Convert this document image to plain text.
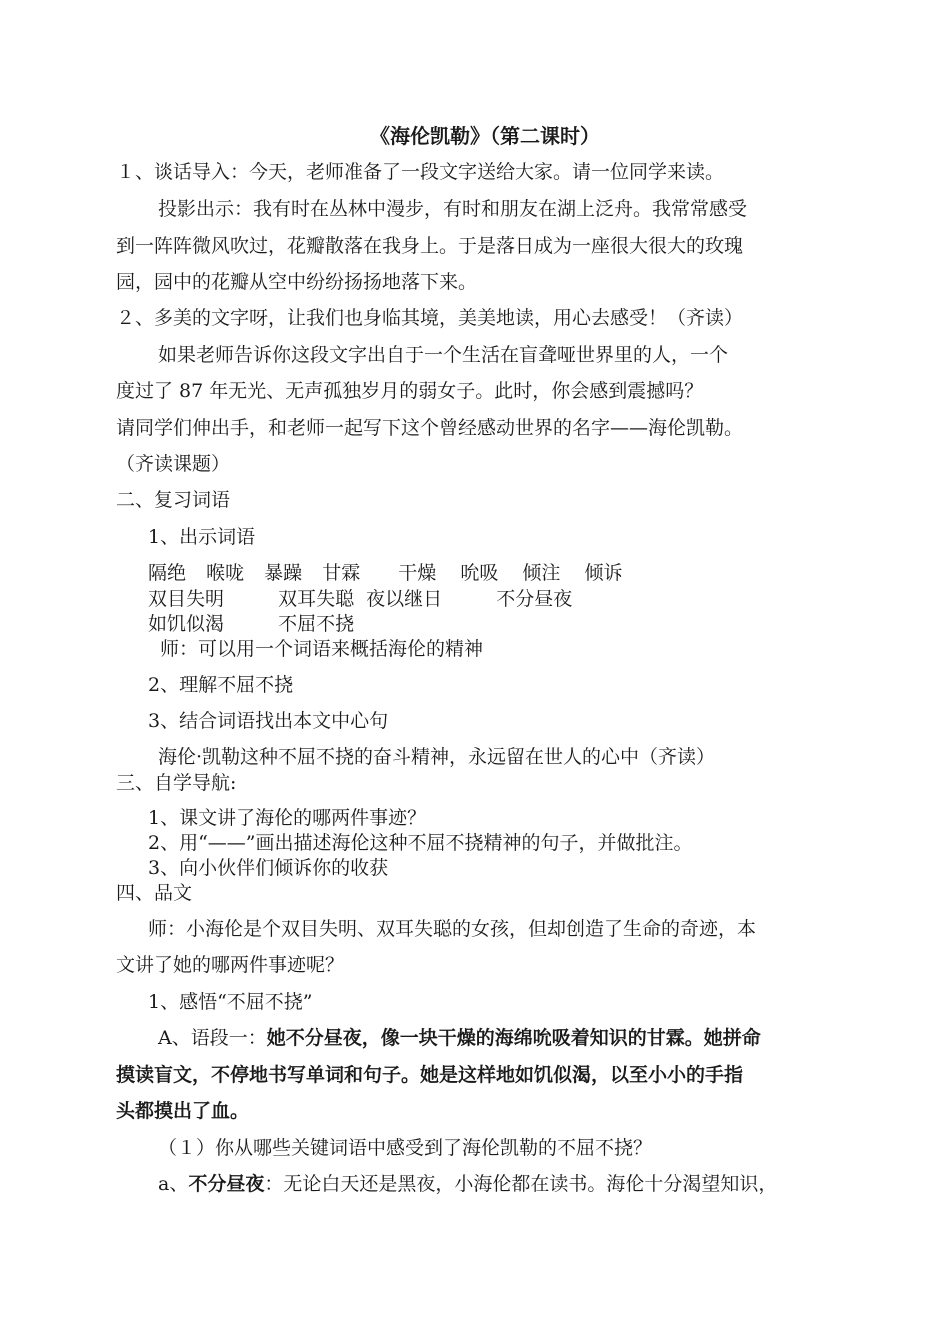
《海伦凯勒》（第二课时）
１、谈话导入：今天，老师准备了一段文字送给大家。请一位同学来读。
投影出示：我有时在丛林中漫步，有时和朋友在湖上泛舟。我常常感受
到一阵阵微风吹过，花瓣散落在我身上。于是落日成为一座很大很大的玫瑰
园，园中的花瓣从空中纷纷扬扬地落下来。
２、多美的文字呀，让我们也身临其境，美美地读，用心去感受！（齐读）
如果老师告诉你这段文字出自于一个生活在盲聋哑世界里的人，一个
度过了 87 年无光、无声孤独岁月的弱女子。此时，你会感到震撼吗？
请同学们伸出手，和老师一起写下这个曾经感动世界的名字——海伦凯勒。
（齐读课题）
二、复习词语
1、出示词语
隔绝 喉咙 暴躁 甘霖 干燥 吮吸 倾注 倾诉
双目失明	双耳失聪 夜以继日	不分昼夜
如饥似渴	不屈不挠
师：可以用一个词语来概括海伦的精神
2、理解不屈不挠
3、结合词语找出本文中心句
海伦·凯勒这种不屈不挠的奋斗精神，永远留在世人的心中（齐读）
三、自学导航:
1、课文讲了海伦的哪两件事迹？
2、用“——”画出描述海伦这种不屈不挠精神的句子，并做批注。
3、向小伙伴们倾诉你的收获
四、品文
师：小海伦是个双目失明、双耳失聪的女孩，但却创造了生命的奇迹，本
文讲了她的哪两件事迹呢？
1、感悟“不屈不挠”
A、语段一：她不分昼夜，像一块干燥的海绵吮吸着知识的甘霖。她拼命
摸读盲文，不停地书写单词和句子。她是这样地如饥似渴，以至小小的手指
头都摸出了血。
（１）你从哪些关键词语中感受到了海伦凯勒的不屈不挠？
a、不分昼夜：无论白天还是黑夜，小海伦都在读书。海伦十分渴望知识，
